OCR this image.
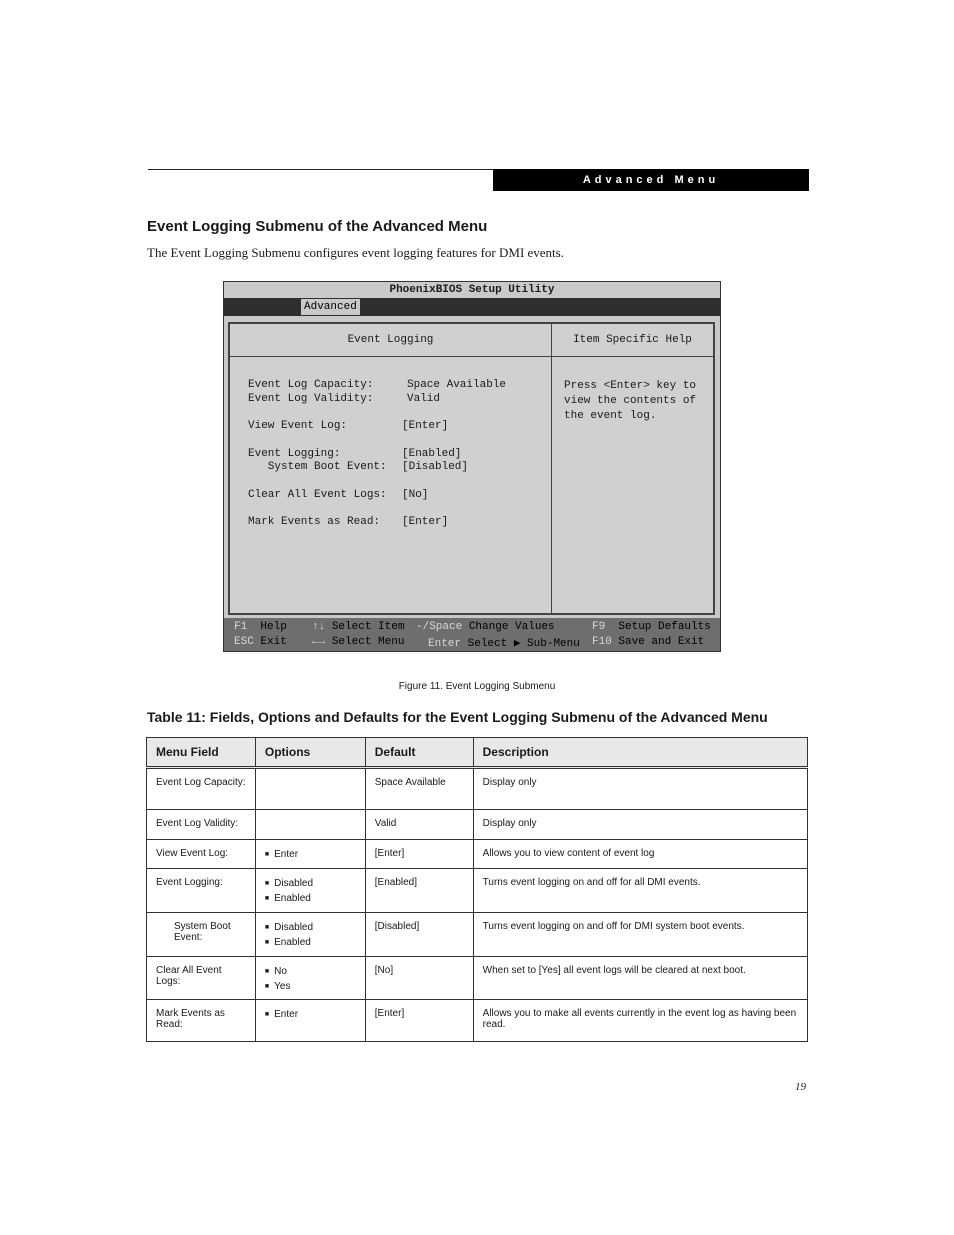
Advanced Menu
Event Logging Submenu of the Advanced Menu
The Event Logging Submenu configures event logging features for DMI events.
PhoenixBIOS Setup Utility
Advanced
Event Logging
Event Log Capacity:	Space Available
Event Log Validity:	Valid
View Event Log:	[Enter]
Event Logging:	[Enabled]
System Boot Event: [Disabled]
Clear All Event Logs: [No]
Mark Events as Read: [Enter]
Item Specific Help
Press <Enter> key to view the contents of the event log.
F1 Help ↑↓ Select Item -/Space Change Values	F9 Setup Defaults
ESC Exit ←→ Select Menu Enter Select ▶ Sub-Menu F10 Save and Exit
Figure 11. Event Logging Submenu
Table 11: Fields, Options and Defaults for the Event Logging Submenu of the Advanced Menu
Menu Field	Options	Default	Description
Event Log Capacity:		Space Available	Display only
Event Log Validity:		Valid	Display only
View Event Log:	■ Enter	[Enter]	Allows you to view content of event log
Event Logging:	■ Disabled
■ Enabled	[Enabled]	Turns event logging on and off for all DMI events.
System Boot Event:	■ Disabled
■ Enabled	[Disabled]	Turns event logging on and off for DMI system boot events.
Clear All Event Logs:	■ No
■ Yes	[No]	When set to [Yes] all event logs will be cleared at next boot.
Mark Events as Read:	■ Enter	[Enter]	Allows you to make all events currently in the event log as having been read.
19
